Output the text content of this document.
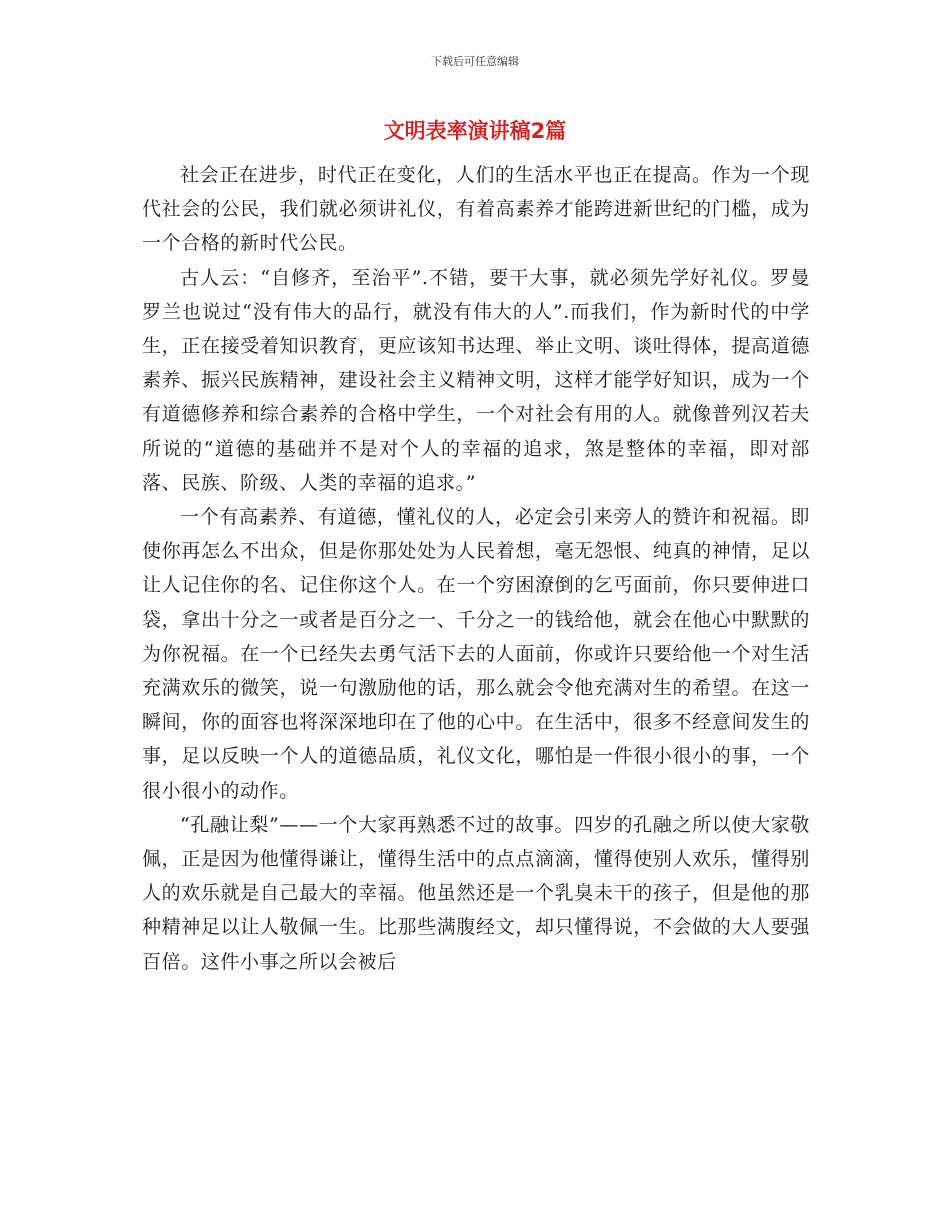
下载后可任意编辑
文明表率演讲稿2篇

社会正在进步，时代正在变化，人们的生活水平也正在提高。作为一个现代社会的公民，我们就必须讲礼仪，有着高素养才能跨进新世纪的门槛，成为一个合格的新时代公民。

古人云：“自修齐，至治平”.不错，要干大事，就必须先学好礼仪。罗曼罗兰也说过“没有伟大的品行，就没有伟大的人”.而我们，作为新时代的中学生，正在接受着知识教育，更应该知书达理、举止文明、谈吐得体，提高道德素养、振兴民族精神，建设社会主义精神文明，这样才能学好知识，成为一个有道德修养和综合素养的合格中学生，一个对社会有用的人。就像普列汉若夫所说的“道德的基础并不是对个人的幸福的追求，煞是整体的幸福，即对部落、民族、阶级、人类的幸福的追求。”

一个有高素养、有道德，懂礼仪的人，必定会引来旁人的赞许和祝福。即使你再怎么不出众，但是你那处处为人民着想，毫无怨恨、纯真的神情，足以让人记住你的名、记住你这个人。在一个穷困潦倒的乞丐面前，你只要伸进口袋，拿出十分之一或者是百分之一、千分之一的钱给他，就会在他心中默默的为你祝福。在一个已经失去勇气活下去的人面前，你或许只要给他一个对生活充满欢乐的微笑，说一句激励他的话，那么就会令他充满对生的希望。在这一瞬间，你的面容也将深深地印在了他的心中。在生活中，很多不经意间发生的事，足以反映一个人的道德品质，礼仪文化，哪怕是一件很小很小的事，一个很小很小的动作。

“孔融让梨”——一个大家再熟悉不过的故事。四岁的孔融之所以使大家敬佩，正是因为他懂得谦让，懂得生活中的点点滴滴，懂得使别人欢乐，懂得别人的欢乐就是自己最大的幸福。他虽然还是一个乳臭未干的孩子，但是他的那种精神足以让人敬佩一生。比那些满腹经文，却只懂得说，不会做的大人要强百倍。这件小事之所以会被后
